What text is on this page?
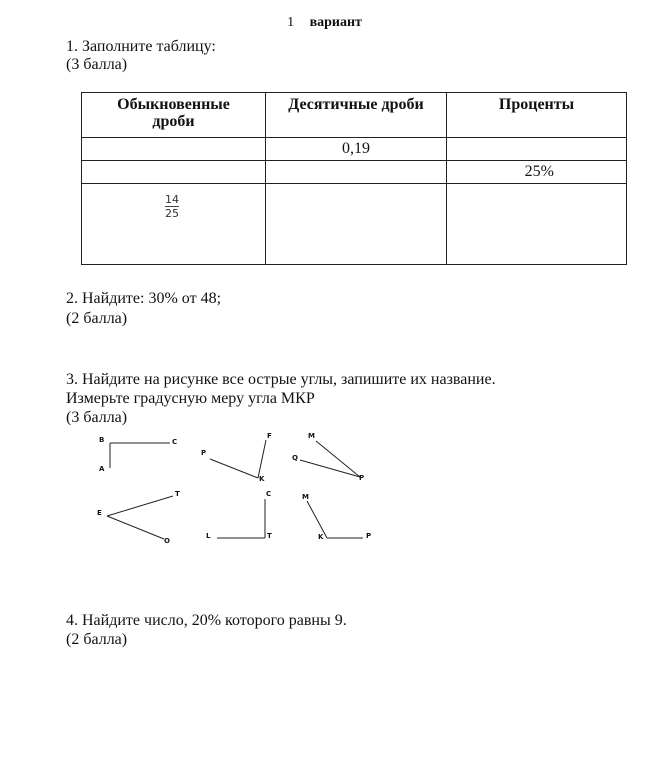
1 вариант
1. Заполните таблицу:
(3 балла)
Обыкновенные дроби	Десятичные дроби	Проценты
	0,19	
		25%
$\frac{14}{25}$		
2. Найдите: 30% от 48;
(2 балла)
3. Найдите на рисунке все острые углы, запишите их название.
Измерьте градусную меру угла МКР
(3 балла)
B	C
A
F
P
K
M
Q
P
T
E
O
C
L	T
M
K	P
4. Найдите число, 20% которого равны 9.
(2 балла)
